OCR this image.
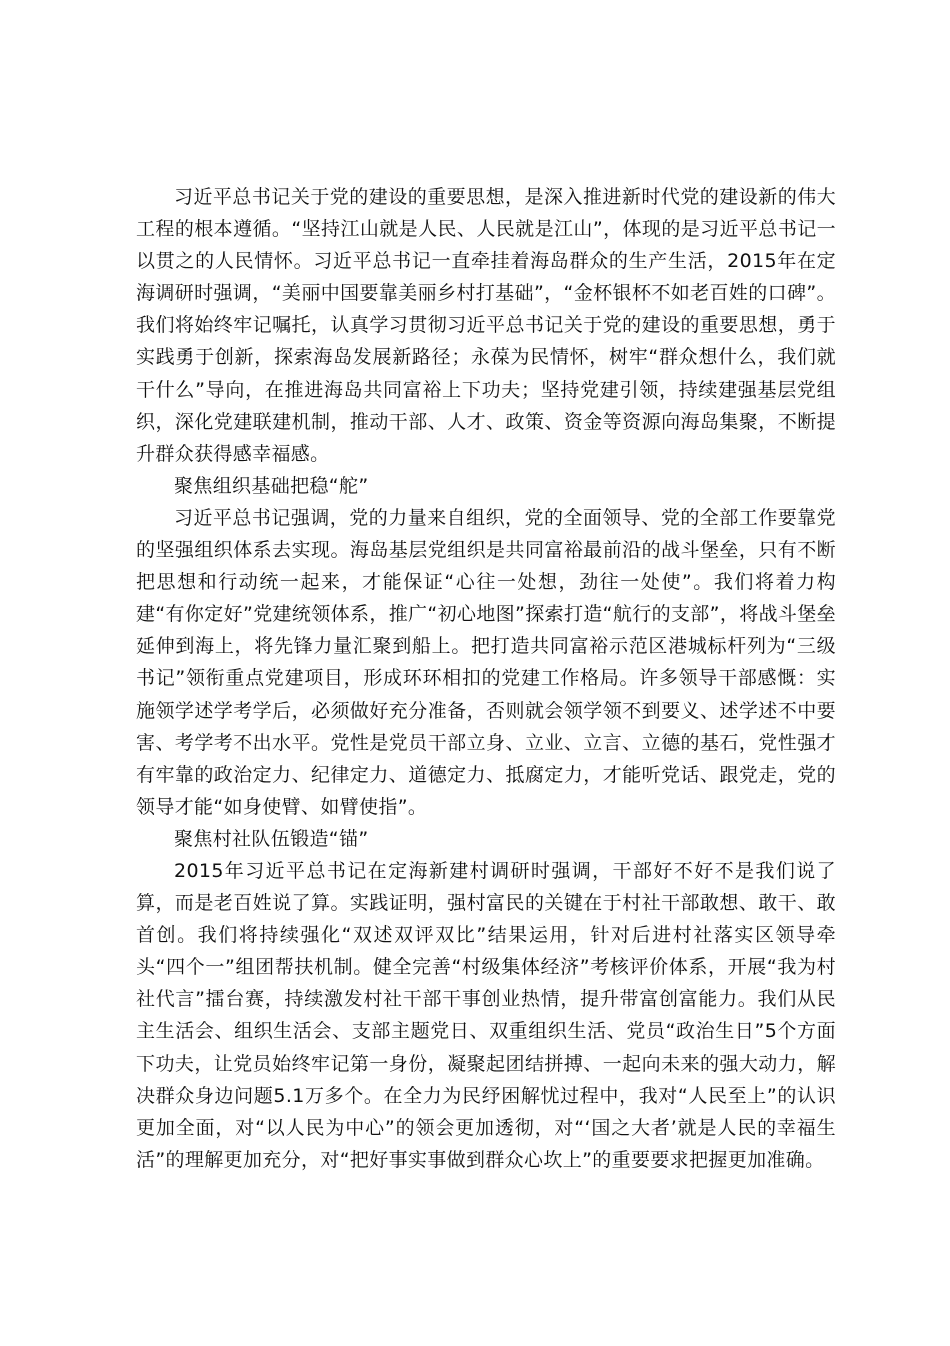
习近平总书记关于党的建设的重要思想，是深入推进新时代党的建设新的伟大工程的根本遵循。“坚持江山就是人民、人民就是江山”，体现的是习近平总书记一以贯之的人民情怀。习近平总书记一直牵挂着海岛群众的生产生活，2015年在定海调研时强调，“美丽中国要靠美丽乡村打基础”，“金杯银杯不如老百姓的口碑”。我们将始终牢记嘱托，认真学习贯彻习近平总书记关于党的建设的重要思想，勇于实践勇于创新，探索海岛发展新路径；永葆为民情怀，树牢“群众想什么，我们就干什么”导向，在推进海岛共同富裕上下功夫；坚持党建引领，持续建强基层党组织，深化党建联建机制，推动干部、人才、政策、资金等资源向海岛集聚，不断提升群众获得感幸福感。

聚焦组织基础把稳“舵”

习近平总书记强调，党的力量来自组织，党的全面领导、党的全部工作要靠党的坚强组织体系去实现。海岛基层党组织是共同富裕最前沿的战斗堡垒，只有不断把思想和行动统一起来，才能保证“心往一处想，劲往一处使”。我们将着力构建“有你定好”党建统领体系，推广“初心地图”探索打造“航行的支部”，将战斗堡垒延伸到海上，将先锋力量汇聚到船上。把打造共同富裕示范区港城标杆列为“三级书记”领衔重点党建项目，形成环环相扣的党建工作格局。许多领导干部感慨：实施领学述学考学后，必须做好充分准备，否则就会领学领不到要义、述学述不中要害、考学考不出水平。党性是党员干部立身、立业、立言、立德的基石，党性强才有牢靠的政治定力、纪律定力、道德定力、抵腐定力，才能听党话、跟党走，党的领导才能“如身使臂、如臂使指”。

聚焦村社队伍锻造“锚”

2015年习近平总书记在定海新建村调研时强调，干部好不好不是我们说了算，而是老百姓说了算。实践证明，强村富民的关键在于村社干部敢想、敢干、敢首创。我们将持续强化“双述双评双比”结果运用，针对后进村社落实区领导牵头“四个一”组团帮扶机制。健全完善“村级集体经济”考核评价体系，开展“我为村社代言”擂台赛，持续激发村社干部干事创业热情，提升带富创富能力。我们从民主生活会、组织生活会、支部主题党日、双重组织生活、党员“政治生日”5个方面下功夫，让党员始终牢记第一身份，凝聚起团结拼搏、一起向未来的强大动力，解决群众身边问题5.1万多个。在全力为民纾困解忧过程中，我对“人民至上”的认识更加全面，对“以人民为中心”的领会更加透彻，对“‘国之大者’就是人民的幸福生活”的理解更加充分，对“把好事实事做到群众心坎上”的重要要求把握更加准确。
